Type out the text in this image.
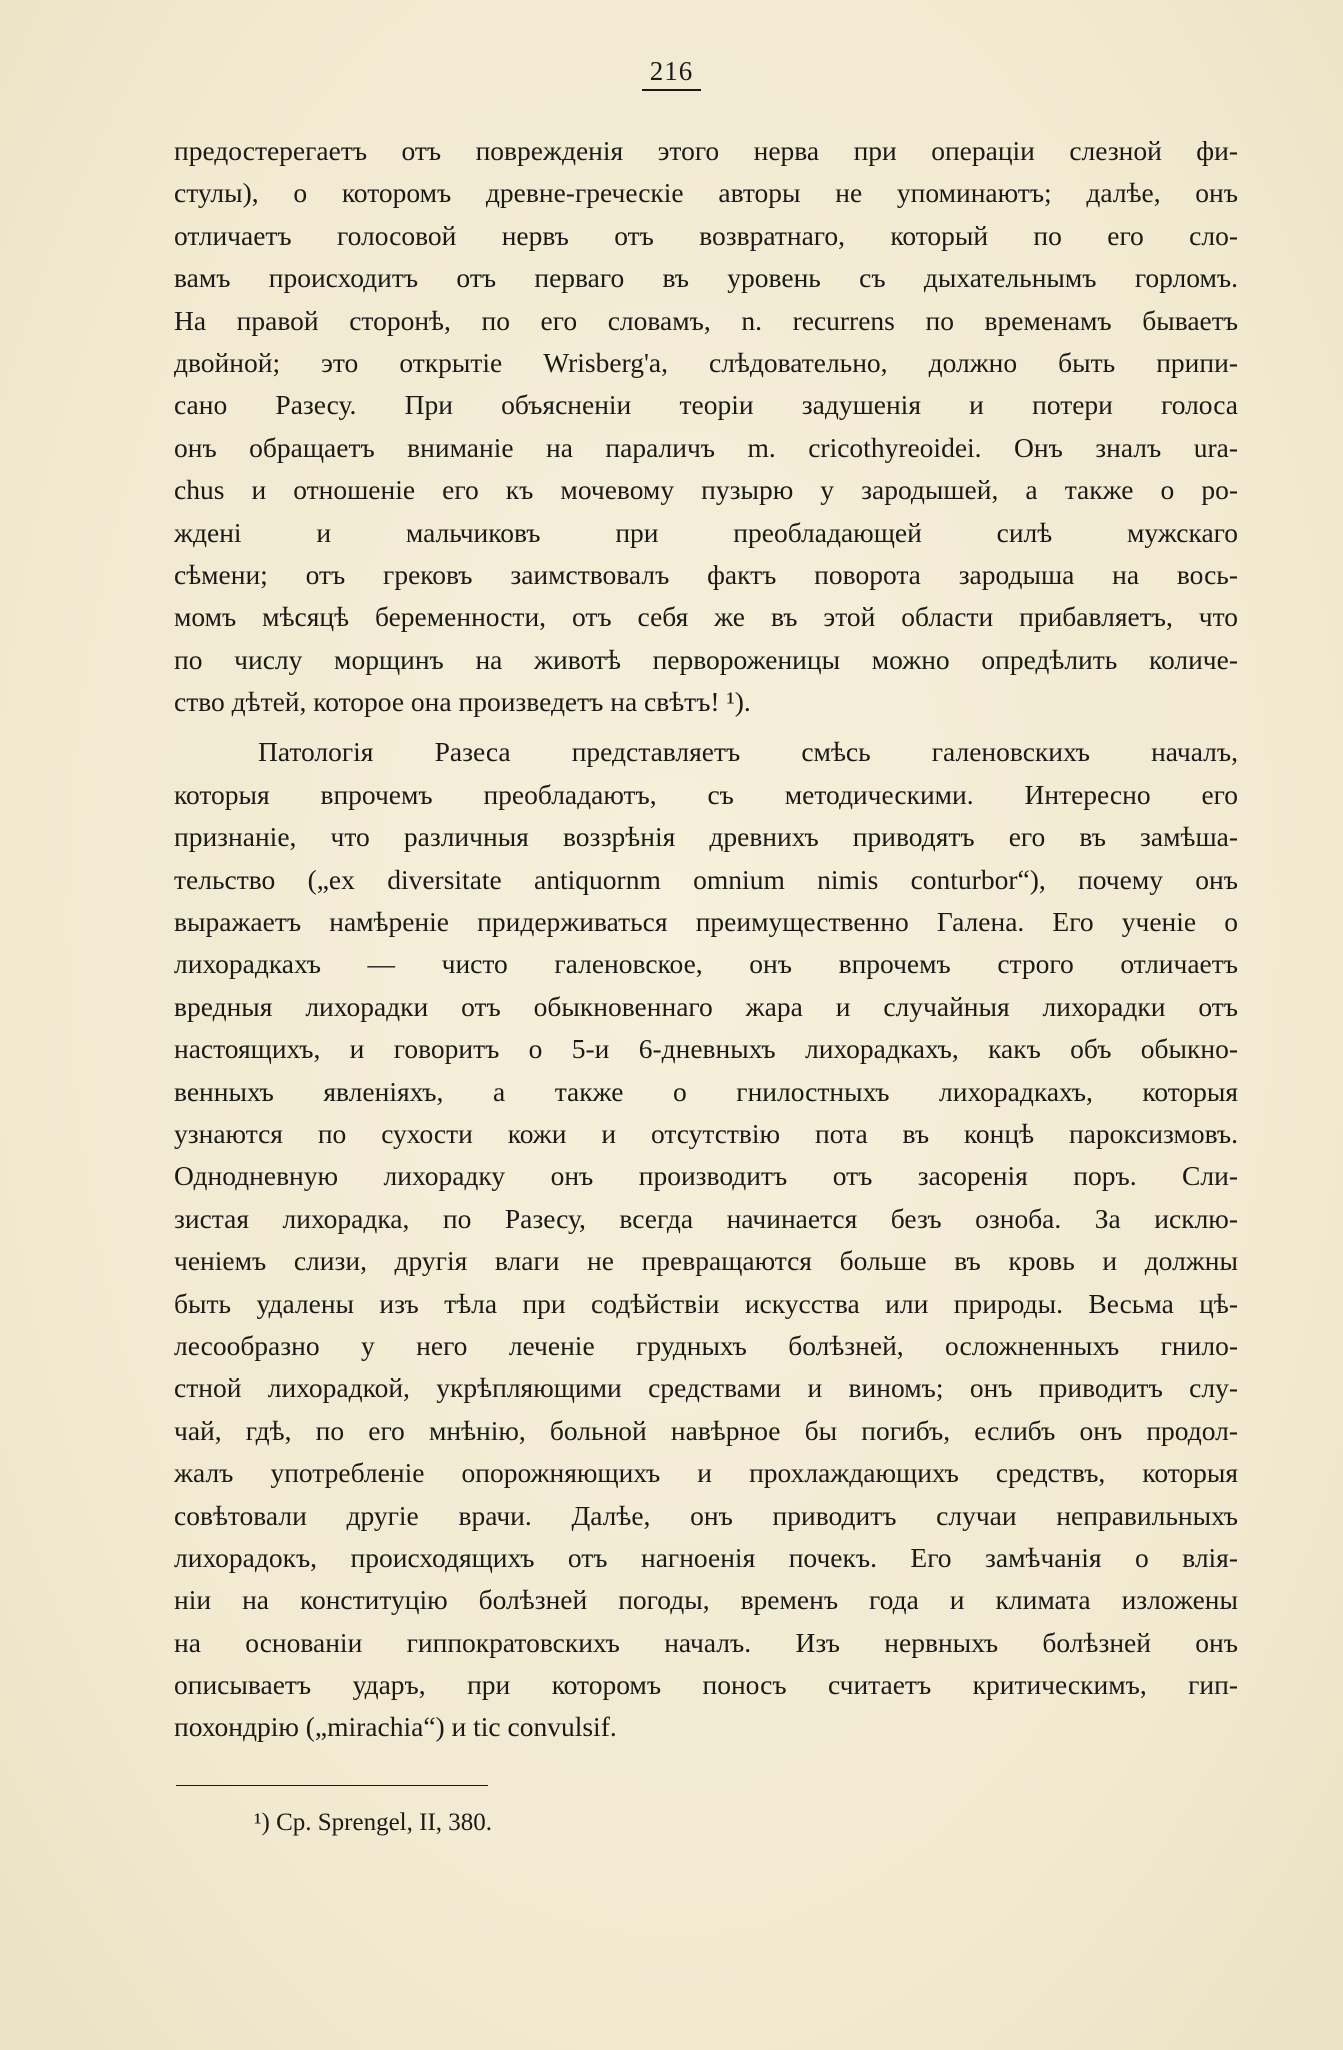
216
предостерегаетъ отъ поврежденія этого нерва при операціи слезной фи-
стулы), о которомъ древне-греческіе авторы не упоминаютъ; далѣе, онъ
отличаетъ голосовой нервъ отъ возвратнаго, который по его сло-
вамъ происходитъ отъ перваго въ уровень съ дыхательнымъ горломъ.
На правой сторонѣ, по его словамъ, n. recurrens по временамъ бываетъ
двойной; это открытіе Wrisberg'а, слѣдовательно, должно быть припи-
сано Разесу. При объясненіи теоріи задушенія и потери голоса
онъ обращаетъ вниманіе на параличъ m. cricothyreoidei. Онъ зналъ ura-
chus и отношеніе его къ мочевому пузырю у зародышей, а также о ро-
ждені и мальчиковъ при преобладающей силѣ мужскаго
сѣмени; отъ грековъ заимствовалъ фактъ поворота зародыша на вось-
момъ мѣсяцѣ беременности, отъ себя же въ этой области прибавляетъ, что
по числу морщинъ на животѣ первороженицы можно опредѣлить количе-
ство дѣтей, которое она произведетъ на свѣтъ! ¹).
Патологія Разеса представляетъ смѣсь галеновскихъ началъ,
которыя впрочемъ преобладаютъ, съ методическими. Интересно его
признаніе, что различныя воззрѣнія древнихъ приводятъ его въ замѣша-
тельство („ex diversitate antiquornm omnium nimis conturbor“), почему онъ
выражаетъ намѣреніе придерживаться преимущественно Галена. Его ученіе о
лихорадкахъ — чисто галеновское, онъ впрочемъ строго отличаетъ
вредныя лихорадки отъ обыкновеннаго жара и случайныя лихорадки отъ
настоящихъ, и говоритъ о 5-и 6-дневныхъ лихорадкахъ, какъ объ обыкно-
венныхъ явленіяхъ, а также о гнилостныхъ лихорадкахъ, которыя
узнаются по сухости кожи и отсутствію пота въ концѣ пароксизмовъ.
Однодневную лихорадку онъ производитъ отъ засоренія поръ. Сли-
зистая лихорадка, по Разесу, всегда начинается безъ озноба. За исклю-
ченіемъ слизи, другія влаги не превращаются больше въ кровь и должны
быть удалены изъ тѣла при содѣйствіи искусства или природы. Весьма цѣ-
лесообразно у него леченіе грудныхъ болѣзней, осложненныхъ гнило-
стной лихорадкой, укрѣпляющими средствами и виномъ; онъ приводитъ слу-
чай, гдѣ, по его мнѣнію, больной навѣрное бы погибъ, еслибъ онъ продол-
жалъ употребленіе опорожняющихъ и прохлаждающихъ средствъ, которыя
совѣтовали другіе врачи. Далѣе, онъ приводитъ случаи неправильныхъ
лихорадокъ, происходящихъ отъ нагноенія почекъ. Его замѣчанія о влія-
ніи на конституцію болѣзней погоды, временъ года и климата изложены
на основаніи гиппократовскихъ началъ. Изъ нервныхъ болѣзней онъ
описываетъ ударъ, при которомъ поносъ считаетъ критическимъ, гип-
похондрію („mirachia“) и tic convulsif.
¹) Cp. Sprengel, II, 380.
